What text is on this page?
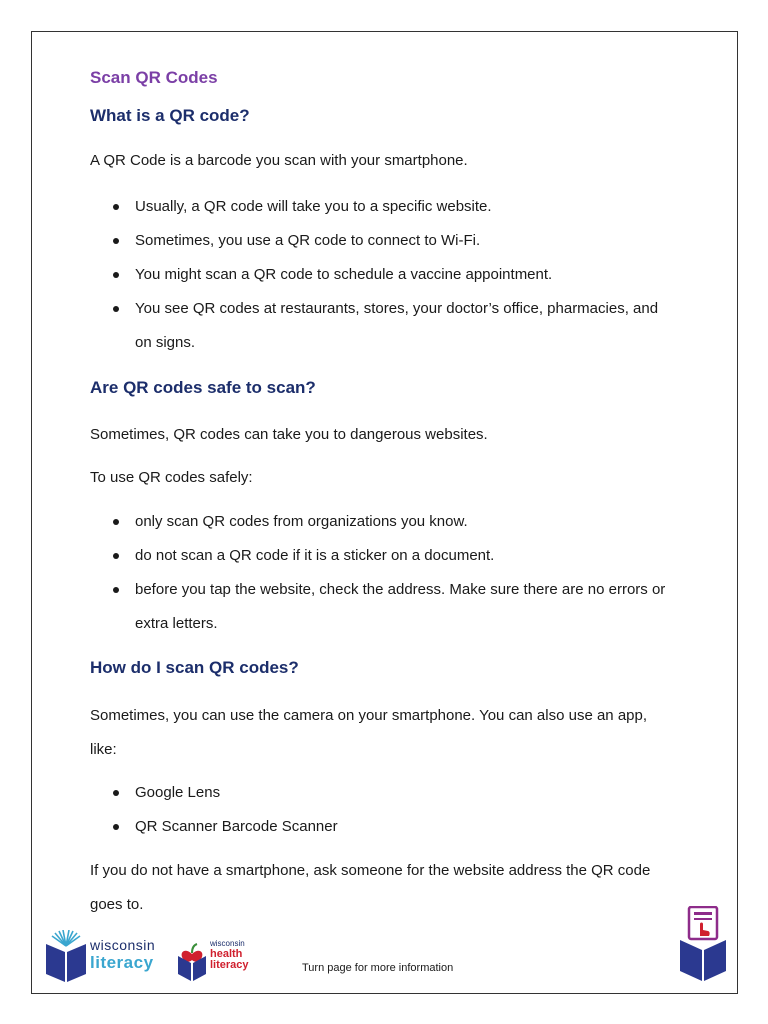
Scan QR Codes
What is a QR code?

A QR Code is a barcode you scan with your smartphone.

Usually, a QR code will take you to a specific website.
Sometimes, you use a QR code to connect to Wi-Fi.
You might scan a QR code to schedule a vaccine appointment.
You see QR codes at restaurants, stores, your doctor’s office, pharmacies, and on signs.
Are QR codes safe to scan?

Sometimes, QR codes can take you to dangerous websites.

To use QR codes safely:

only scan QR codes from organizations you know.
do not scan a QR code if it is a sticker on a document.
before you tap the website, check the address. Make sure there are no errors or extra letters.
How do I scan QR codes?

Sometimes, you can use the camera on your smartphone. You can also use an app, like:

Google Lens
QR Scanner Barcode Scanner

If you do not have a smartphone, ask someone for the website address the QR code goes to.

wisconsin
literacy
wisconsin
health
literacy	Turn page for more information
